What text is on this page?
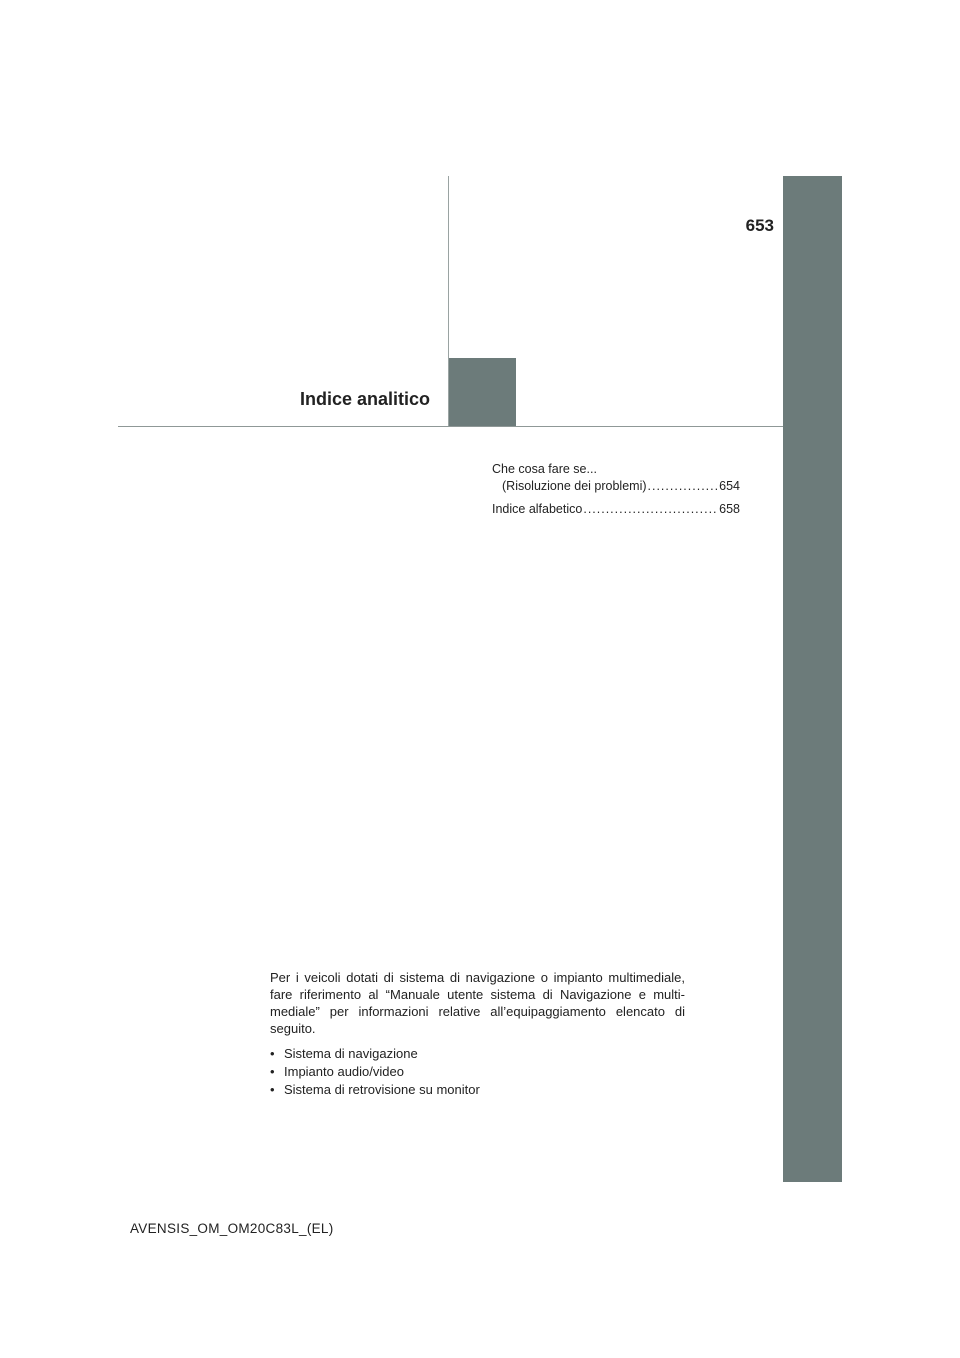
653
Indice analitico
Che cosa fare se...
(Risoluzione dei problemi) .....	654
Indice alfabetico .....	658

Per i veicoli dotati di sistema di navigazione o impianto multimediale, fare riferimento al “Manuale utente sistema di Navigazione e multi-mediale” per informazioni relative all’equipaggiamento elencato di seguito.

• Sistema di navigazione
• Impianto audio/video
• Sistema di retrovisione su monitor
AVENSIS_OM_OM20C83L_(EL)
